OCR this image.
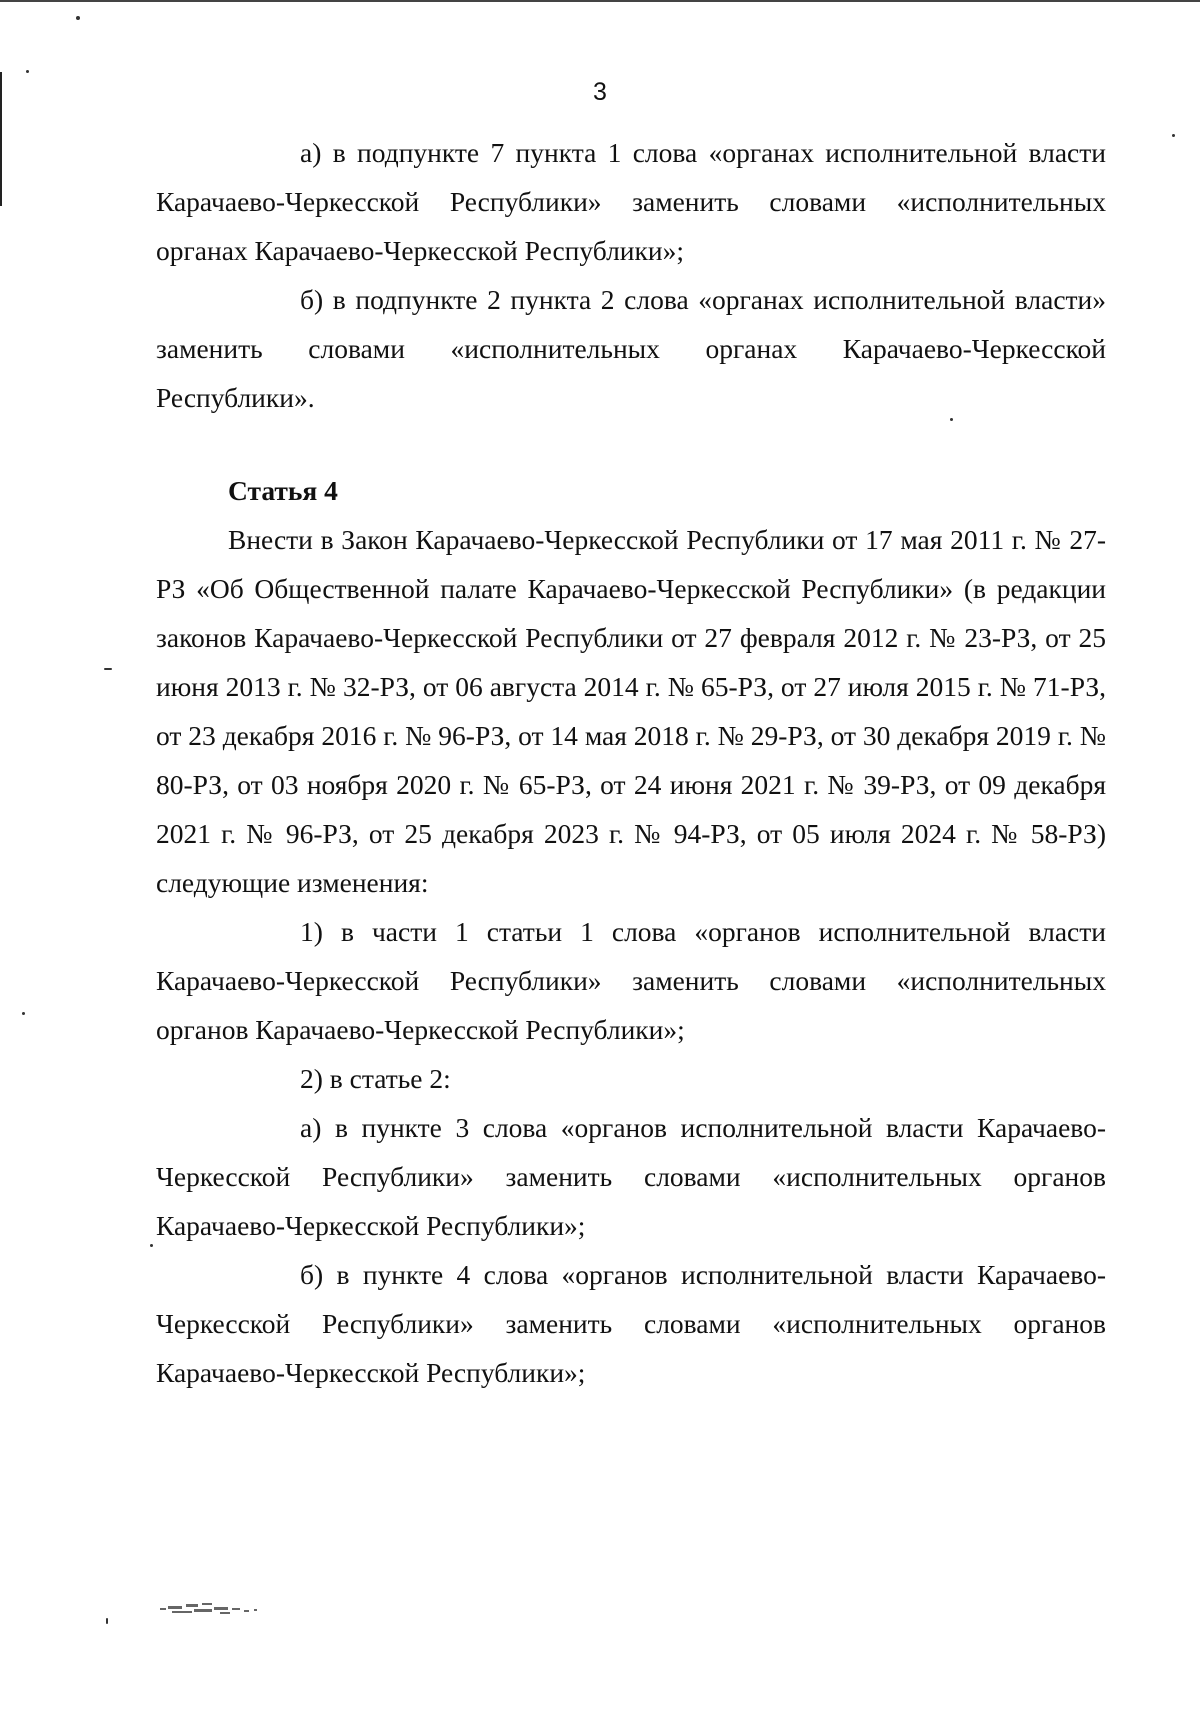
3

а) в подпункте 7 пункта 1 слова «органах исполнительной власти Карачаево-Черкесской Республики» заменить словами «исполнительных органах Карачаево-Черкесской Республики»;

б) в подпункте 2 пункта 2 слова «органах исполнительной власти» заменить словами «исполнительных органах Карачаево-Черкесской Республики».

Статья 4

Внести в Закон Карачаево-Черкесской Республики от 17 мая 2011 г. № 27-РЗ «Об Общественной палате Карачаево-Черкесской Республики» (в редакции законов Карачаево-Черкесской Республики от 27 февраля 2012 г. № 23-РЗ, от 25 июня 2013 г. № 32-РЗ, от 06 августа 2014 г. № 65-РЗ, от 27 июля 2015 г. № 71-РЗ, от 23 декабря 2016 г. № 96-РЗ, от 14 мая 2018 г. № 29-РЗ, от 30 декабря 2019 г. № 80-РЗ, от 03 ноября 2020 г. № 65-РЗ, от 24 июня 2021 г. № 39-РЗ, от 09 декабря 2021 г. № 96-РЗ, от 25 декабря 2023 г. № 94-РЗ, от 05 июля 2024 г. № 58-РЗ) следующие изменения:

1) в части 1 статьи 1 слова «органов исполнительной власти Карачаево-Черкесской Республики» заменить словами «исполнительных органов Карачаево-Черкесской Республики»;

2) в статье 2:

а) в пункте 3 слова «органов исполнительной власти Карачаево-Черкесской Республики» заменить словами «исполнительных органов Карачаево-Черкесской Республики»;

б) в пункте 4 слова «органов исполнительной власти Карачаево-Черкесской Республики» заменить словами «исполнительных органов Карачаево-Черкесской Республики»;
